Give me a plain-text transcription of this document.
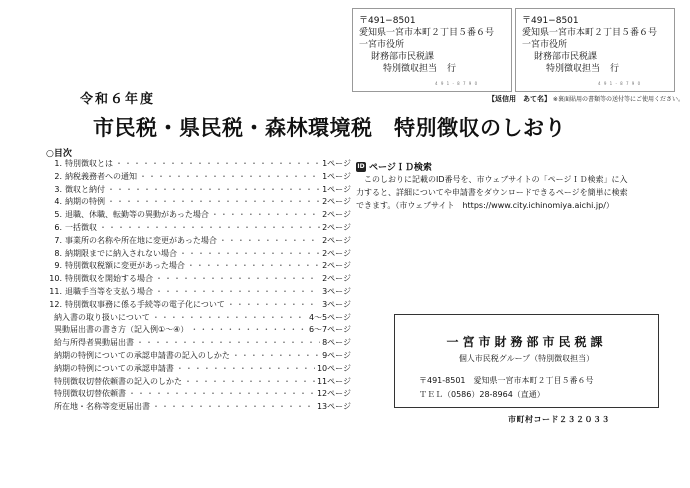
〒491−8501
愛知県一宮市本町２丁目５番６号
一宮市役所
財務部市民税課
特別徴収担当 行
4 9 1 - 8 7 9 0
〒491−8501
愛知県一宮市本町２丁目５番６号
一宮市役所
財務部市民税課
特別徴収担当 行
4 9 1 - 8 7 9 0
【返信用　あて名】 ※裏面貼用の書類等の送付等にご使用ください。
令和６年度
市民税・県民税・森林環境税　特別徴収のしおり
○目次
1. 特別徴収とは ・・・・・・・・・・・・・・・・・・・・・・・・・・・・・・・・・・・・・・・・・・・・・・・・・・・・・・・・	1ページ
2. 納税義務者への通知 ・・・・・・・・・・・・・・・・・・・・・・・・・・・・・・・・・・・・・・・・・・・・・・・・・・・・・・・・	1ページ
3. 徴収と納付 ・・・・・・・・・・・・・・・・・・・・・・・・・・・・・・・・・・・・・・・・・・・・・・・・・・・・・・・・	1ページ
4. 納期の特例 ・・・・・・・・・・・・・・・・・・・・・・・・・・・・・・・・・・・・・・・・・・・・・・・・・・・・・・・・	2ページ
5. 退職、休職、転勤等の異動があった場合 ・・・・・・・・・・・・・・・・・・・・・・・・・・・・・・・・・・・・・・・・・・・・・・・・・・・・・・・・	2ページ
6. 一括徴収 ・・・・・・・・・・・・・・・・・・・・・・・・・・・・・・・・・・・・・・・・・・・・・・・・・・・・・・・・	2ページ
7. 事業所の名称や所在地に変更があった場合 ・・・・・・・・・・・・・・・・・・・・・・・・・・・・・・・・・・・・・・・・・・・・・・・・・・・・・・・・	2ページ
8. 納期限までに納入されない場合 ・・・・・・・・・・・・・・・・・・・・・・・・・・・・・・・・・・・・・・・・・・・・・・・・・・・・・・・・	2ページ
9. 特別徴収税額に変更があった場合 ・・・・・・・・・・・・・・・・・・・・・・・・・・・・・・・・・・・・・・・・・・・・・・・・・・・・・・・・	2ページ
10. 特別徴収を開始する場合 ・・・・・・・・・・・・・・・・・・・・・・・・・・・・・・・・・・・・・・・・・・・・・・・・・・・・・・・・	2ページ
11. 退職手当等を支払う場合 ・・・・・・・・・・・・・・・・・・・・・・・・・・・・・・・・・・・・・・・・・・・・・・・・・・・・・・・・	3ページ
12. 特別徴収事務に係る手続等の電子化について ・・・・・・・・・・・・・・・・・・・・・・・・・・・・・・・・・・・・・・・・・・・・・・・・・・・・・・・・	3ページ
納入書の取り扱いについて ・・・・・・・・・・・・・・・・・・・・・・・・・・・・・・・・・・・・・・・・・・・・・・・・・・・・・・・・	4〜5ページ
異動届出書の書き方（記入例①〜④） ・・・・・・・・・・・・・・・・・・・・・・・・・・・・・・・・・・・・・・・・・・・・・・・・・・・・・・・・	6〜7ページ
給与所得者異動届出書 ・・・・・・・・・・・・・・・・・・・・・・・・・・・・・・・・・・・・・・・・・・・・・・・・・・・・・・・・	8ページ
納期の特例についての承認申請書の記入のしかた ・・・・・・・・・・・・・・・・・・・・・・・・・・・・・・・・・・・・・・・・・・・・・・・・・・・・・・・・	9ページ
納期の特例についての承認申請書 ・・・・・・・・・・・・・・・・・・・・・・・・・・・・・・・・・・・・・・・・・・・・・・・・・・・・・・・・	10ページ
特別徴収切替依頼書の記入のしかた ・・・・・・・・・・・・・・・・・・・・・・・・・・・・・・・・・・・・・・・・・・・・・・・・・・・・・・・・	11ページ
特別徴収切替依頼書 ・・・・・・・・・・・・・・・・・・・・・・・・・・・・・・・・・・・・・・・・・・・・・・・・・・・・・・・・	12ページ
所在地・名称等変更届出書 ・・・・・・・・・・・・・・・・・・・・・・・・・・・・・・・・・・・・・・・・・・・・・・・・・・・・・・・・	13ページ
ID ページＩＤ検索
このしおりに記載のID番号を、市ウェブサイトの「ページＩＤ検索」に入
力すると、詳細についてや申請書をダウンロードできるページを簡単に検索
できます。（市ウェブサイト　https://www.city.ichinomiya.aichi.jp/）
一宮市財務部市民税課
個人市民税グループ（特別徴収担当）
〒491-8501　愛知県一宮市本町２丁目５番６号
ＴＥＬ（0586）28-8964（直通）
市町村コード２３２０３３
